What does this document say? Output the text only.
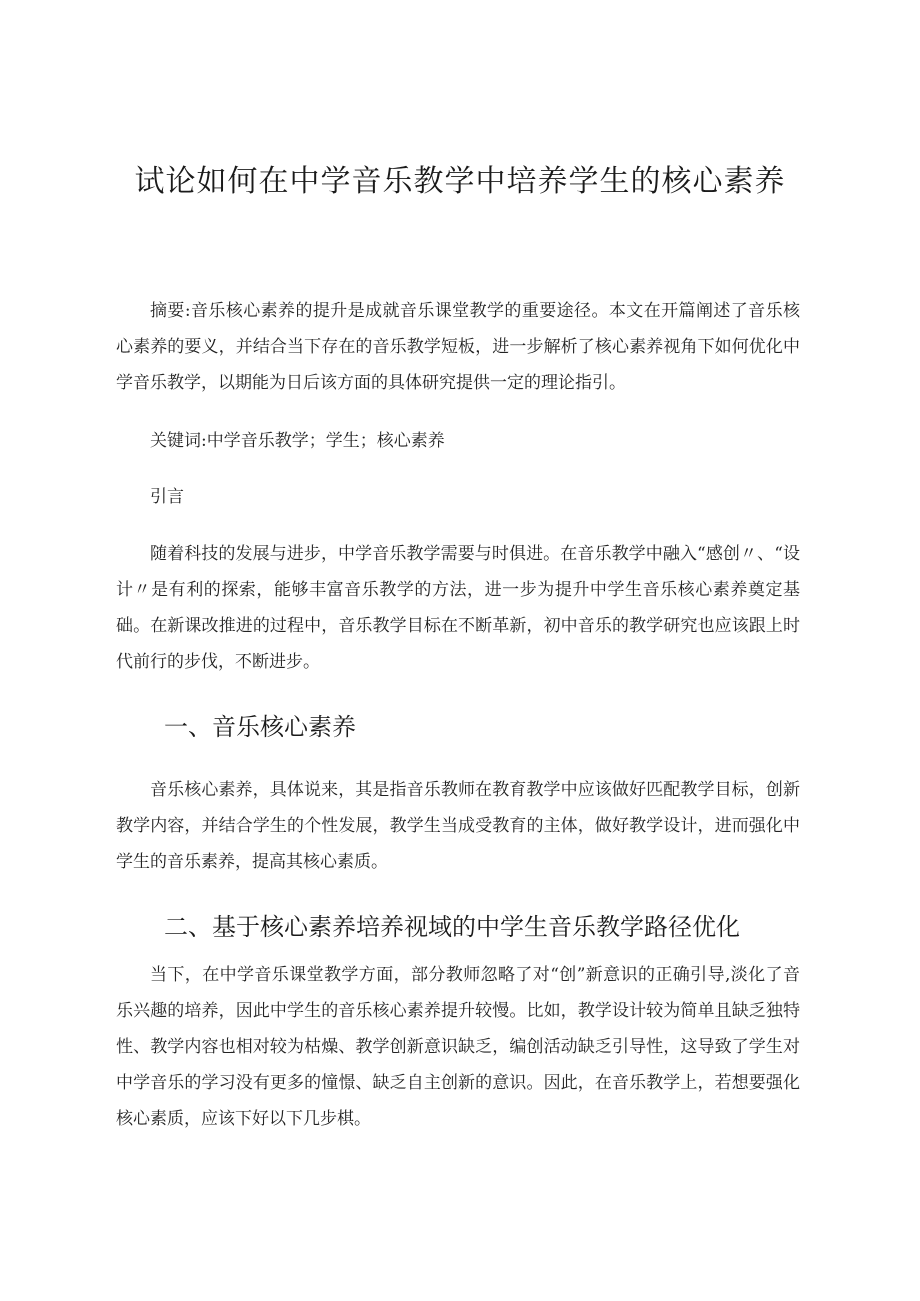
试论如何在中学音乐教学中培养学生的核心素养

摘要:音乐核心素养的提升是成就音乐课堂教学的重要途径。本文在开篇阐述了音乐核心素养的要义，并结合当下存在的音乐教学短板，进一步解析了核心素养视角下如何优化中学音乐教学，以期能为日后该方面的具体研究提供一定的理论指引。

关键词:中学音乐教学；学生；核心素养

引言

随着科技的发展与进步，中学音乐教学需要与时俱进。在音乐教学中融入“感创〃、“设计〃是有利的探索，能够丰富音乐教学的方法，进一步为提升中学生音乐核心素养奠定基础。在新课改推进的过程中，音乐教学目标在不断革新，初中音乐的教学研究也应该跟上时代前行的步伐，不断进步。

一、音乐核心素养

音乐核心素养，具体说来，其是指音乐教师在教育教学中应该做好匹配教学目标，创新教学内容，并结合学生的个性发展，教学生当成受教育的主体，做好教学设计，进而强化中学生的音乐素养，提高其核心素质。

二、基于核心素养培养视域的中学生音乐教学路径优化

当下，在中学音乐课堂教学方面，部分教师忽略了对“创”新意识的正确引导,淡化了音乐兴趣的培养，因此中学生的音乐核心素养提升较慢。比如，教学设计较为简单且缺乏独特性、教学内容也相对较为枯燥、教学创新意识缺乏，编创活动缺乏引导性，这导致了学生对中学音乐的学习没有更多的憧憬、缺乏自主创新的意识。因此，在音乐教学上，若想要强化核心素质，应该下好以下几步棋。
